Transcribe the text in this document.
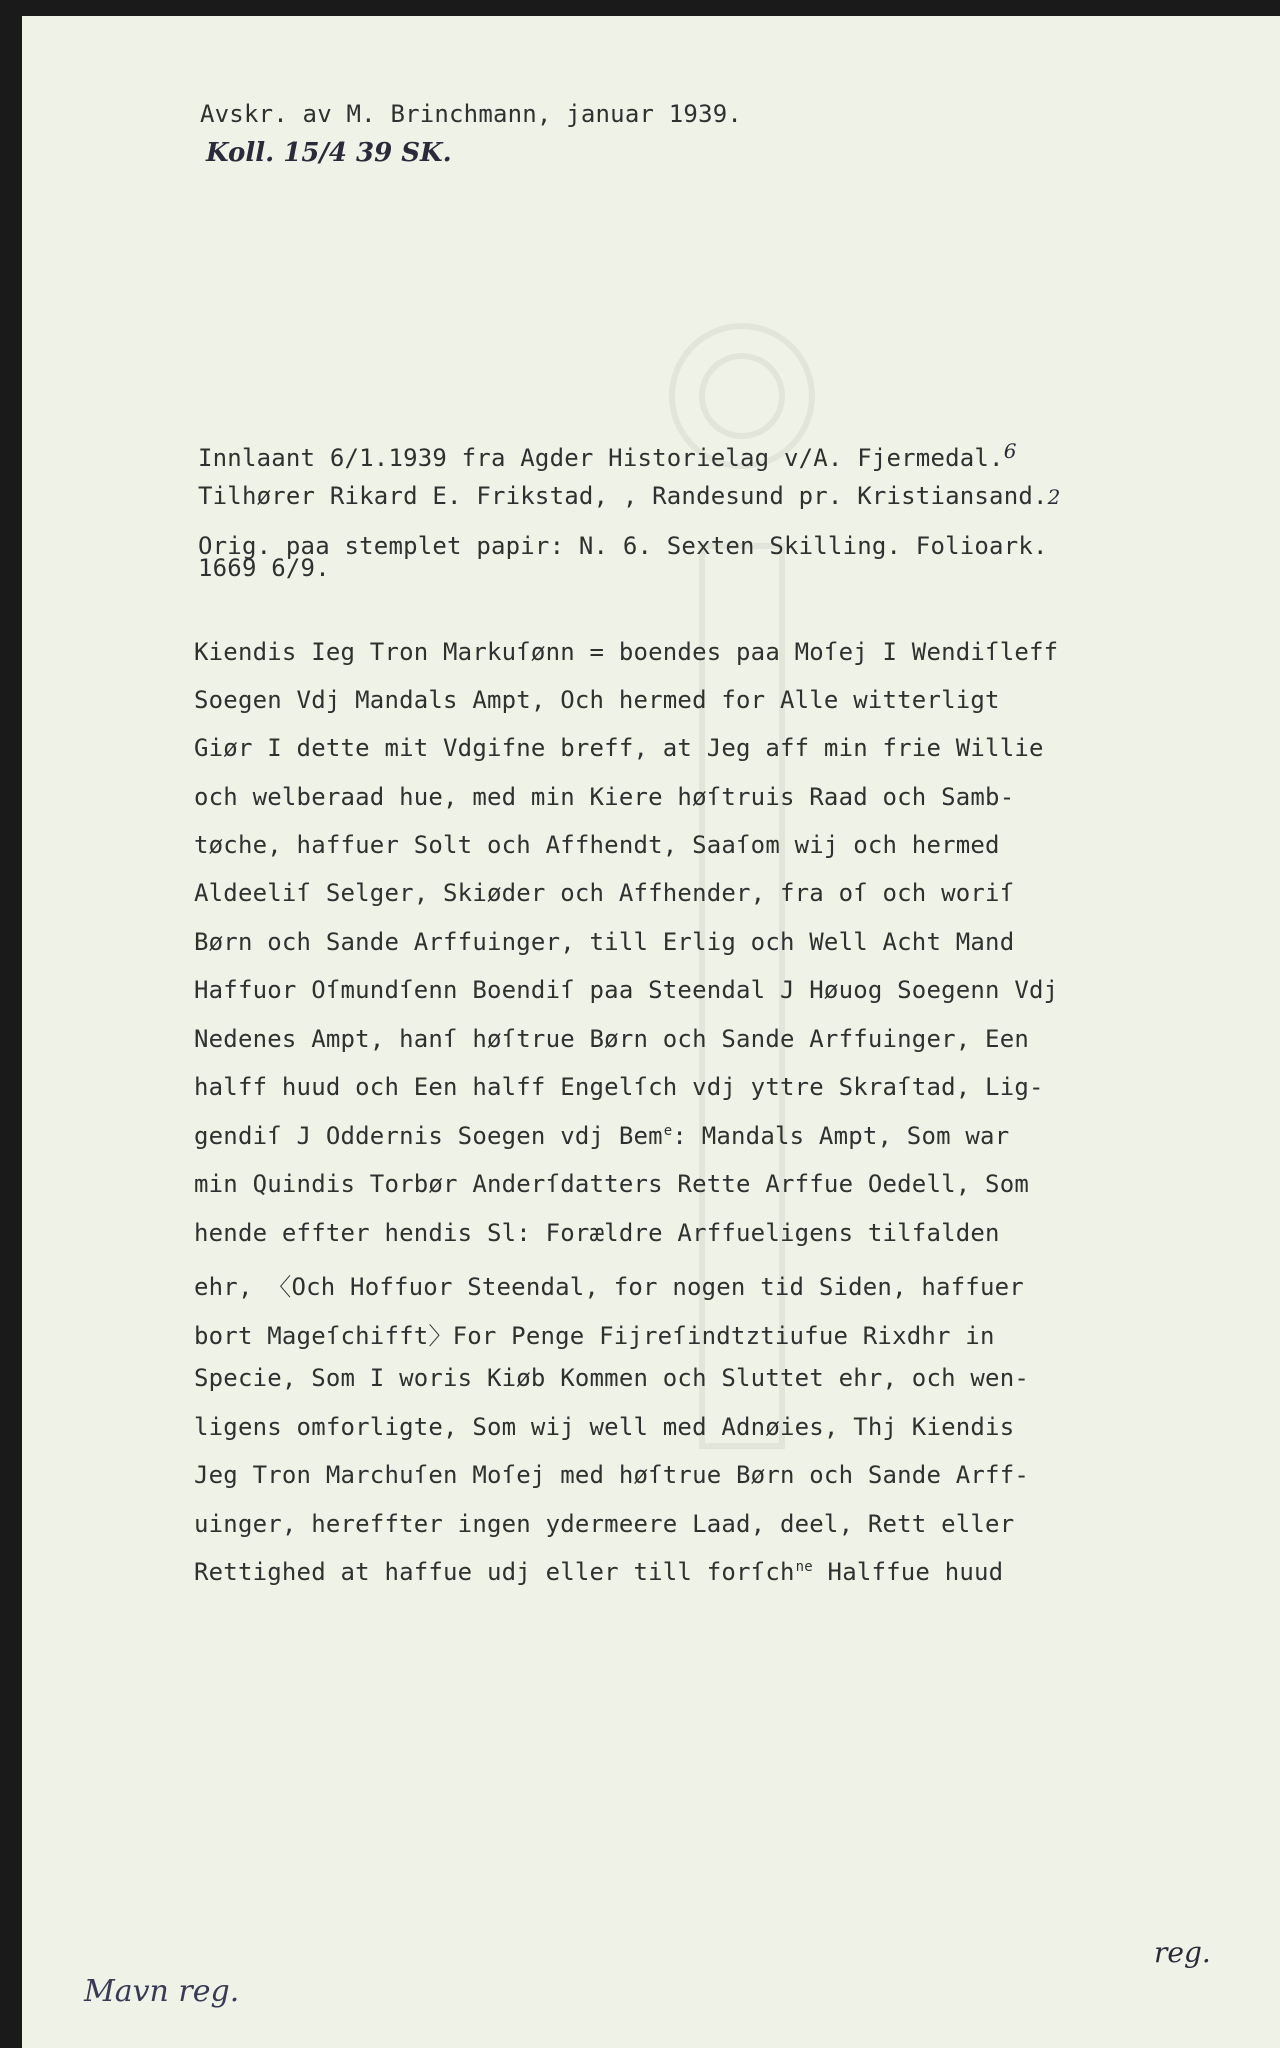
Avskr. av M. Brinchmann, januar 1939.
Koll. 15/4 39 SK.
Innlaant 6/1.1939 fra Agder Historielag v/A. Fjermedal.$^6$
Tilhører Rikard E. Frikstad, , Randesund pr. Kristiansand.2
Orig. paa stemplet papir: N. 6. Sexten Skilling. Folioark.
1669 6/9.
Kiendis Ieg Tron Markuſønn = boendes paa Moſej I Wendiſleff
Soegen Vdj Mandals Ampt, Och hermed for Alle witterligt
Giør I dette mit Vdgifne breff, at Jeg aff min frie Willie
och welberaad hue, med min Kiere høſtruis Raad och Samb-
tøche, haffuer Solt och Affhendt, Saaſom wij och hermed
Aldeeliſ Selger, Skiøder och Affhender, fra oſ och woriſ
Børn och Sande Arffuinger, till Erlig och Well Acht Mand
Haffuor Oſmundſenn Boendiſ paa Steendal J Høuog Soegenn Vdj
Nedenes Ampt, hanſ høſtrue Børn och Sande Arffuinger, Een
halff huud och Een halff Engelſch vdj yttre Skraſtad, Lig-
gendiſ J Oddernis Soegen vdj Bem$^e$: Mandals Ampt, Som war
min Quindis Torbør Anderſdatters Rette Arffue Oedell, Som
hende effter hendis Sl: Forældre Arffueligens tilfalden
ehr, 〈Och Hoffuor Steendal, for nogen tid Siden, haffuer
bort Mageſchifft〉For Penge Fijreſindtztiufue Rixdhr in
Specie, Som I woris Kiøb Kommen och Sluttet ehr, och wen-
ligens omforligte, Som wij well med Adnøies, Thj Kiendis
Jeg Tron Marchuſen Moſej med høſtrue Børn och Sande Arff-
uinger, hereffter ingen ydermeere Laad, deel, Rett eller
Rettighed at haffue udj eller till forſch$^{ne}$ Halffue huud
Mavn reg.
reg.
